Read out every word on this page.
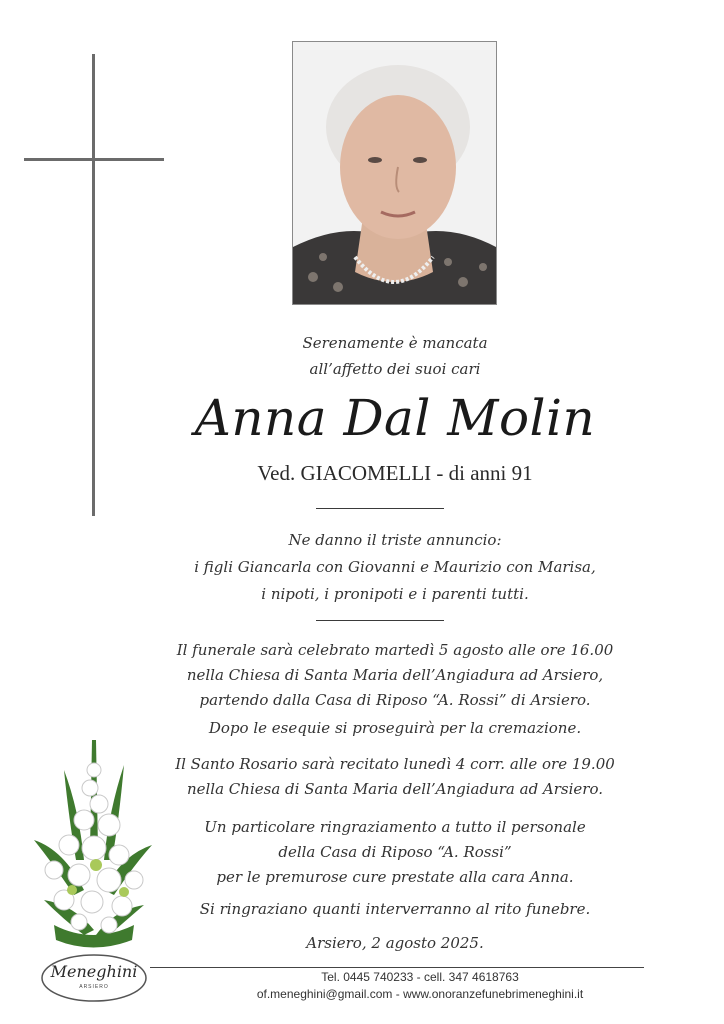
Serenamente è mancata
all’affetto dei suoi cari
Anna Dal Molin
Ved. GIACOMELLI - di anni 91
Ne danno il triste annuncio:
i figli Giancarla con Giovanni e Maurizio con Marisa,
i nipoti, i pronipoti e i parenti tutti.
Il funerale sarà celebrato martedì 5 agosto alle ore 16.00
nella Chiesa di Santa Maria dell’Angiadura ad Arsiero,
partendo dalla Casa di Riposo “A. Rossi” di Arsiero.
Dopo le esequie si proseguirà per la cremazione.
Il Santo Rosario sarà recitato lunedì 4 corr. alle ore 19.00
nella Chiesa di Santa Maria dell’Angiadura ad Arsiero.
Un particolare ringraziamento a tutto il personale
della Casa di Riposo “A. Rossi”
per le premurose cure prestate alla cara Anna.
Si ringraziano quanti interverranno al rito funebre.
Arsiero, 2 agosto 2025.
Meneghini
ARSIERO
Tel. 0445 740233 - cell. 347 4618763
of.meneghini@gmail.com - www.onoranzefunebrimeneghini.it
